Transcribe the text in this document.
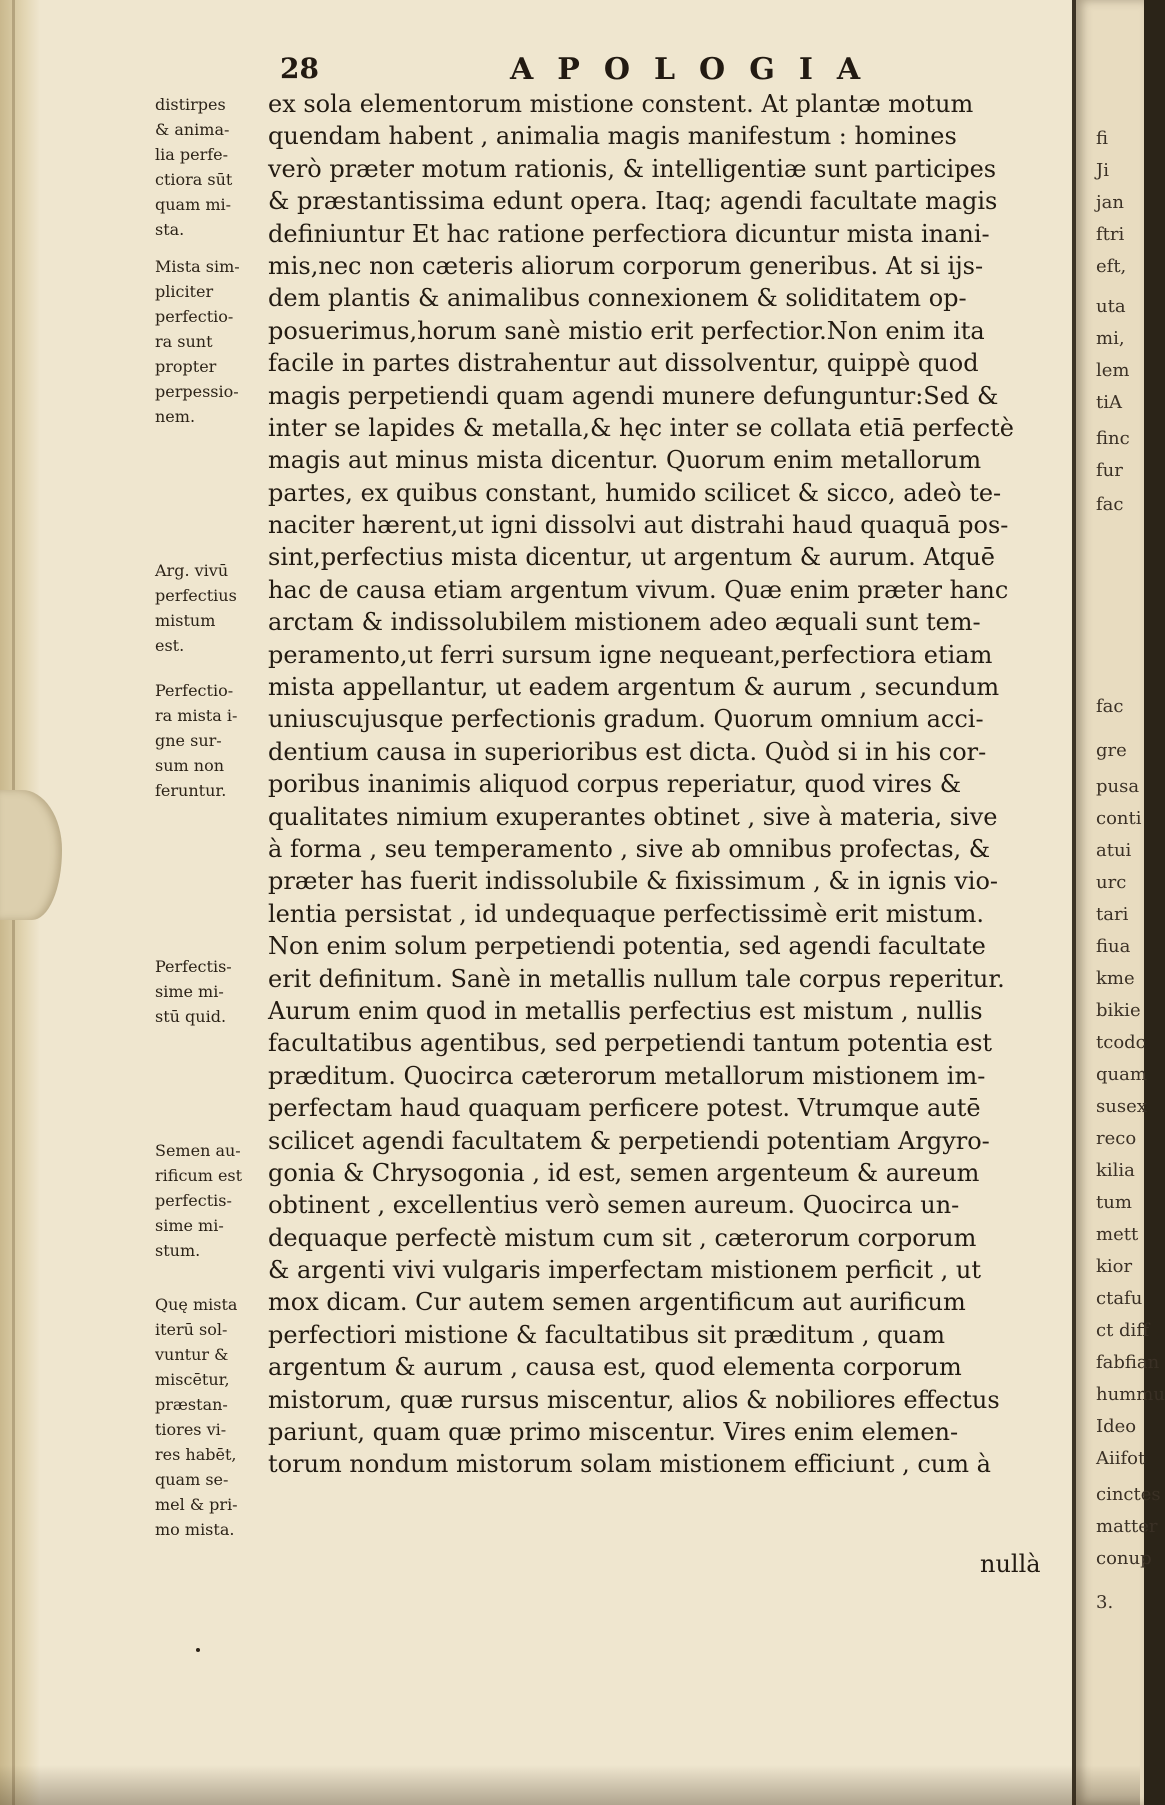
28	APOLOGIA
distirpes
& anima-
lia perfe-
ctiora sūt
quam mi-
sta.
Mista sim-
pliciter
perfectio-
ra sunt
propter
perpessio-
nem.
Arg. vivū
perfectius
mistum
est.
Perfectio-
ra mista i-
gne sur-
sum non
feruntur.
Perfectis-
sime mi-
stū quid.
Semen au-
rificum est
perfectis-
sime mi-
stum.
Quę mista
iterū sol-
vuntur &
miscētur,
præstan-
tiores vi-
res habēt,
quam se-
mel & pri-
mo mista.
ex sola elementorum mistione constent. At plantæ motum
quendam habent , animalia magis manifestum : homines
verò præter motum rationis, & intelligentiæ sunt participes
& præstantissima edunt opera. Itaq; agendi facultate magis
definiuntur Et hac ratione perfectiora dicuntur mista inani-
mis,nec non cæteris aliorum corporum generibus. At si ijs-
dem plantis & animalibus connexionem & soliditatem op-
posuerimus,horum sanè mistio erit perfectior.Non enim ita
facile in partes distrahentur aut dissolventur, quippè quod
magis perpetiendi quam agendi munere defunguntur:Sed &
inter se lapides & metalla,& hęc inter se collata etiā perfectè
magis aut minus mista dicentur. Quorum enim metallorum
partes, ex quibus constant, humido scilicet & sicco, adeò te-
naciter hærent,ut igni dissolvi aut distrahi haud quaquā pos-
sint,perfectius mista dicentur, ut argentum & aurum. Atquē
hac de causa etiam argentum vivum. Quæ enim præter hanc
arctam & indissolubilem mistionem adeo æquali sunt tem-
peramento,ut ferri sursum igne nequeant,perfectiora etiam
mista appellantur, ut eadem argentum & aurum , secundum
uniuscujusque perfectionis gradum. Quorum omnium acci-
dentium causa in superioribus est dicta. Quòd si in his cor-
poribus inanimis aliquod corpus reperiatur, quod vires &
qualitates nimium exuperantes obtinet , sive à materia, sive
à forma , seu temperamento , sive ab omnibus profectas, &
præter has fuerit indissolubile & fixissimum , & in ignis vio-
lentia persistat , id undequaque perfectissimè erit mistum.
Non enim solum perpetiendi potentia, sed agendi facultate
erit definitum. Sanè in metallis nullum tale corpus reperitur.
Aurum enim quod in metallis perfectius est mistum , nullis
facultatibus agentibus, sed perpetiendi tantum potentia est
præditum. Quocirca cæterorum metallorum mistionem im-
perfectam haud quaquam perficere potest. Vtrumque autē
scilicet agendi facultatem & perpetiendi potentiam Argyro-
gonia & Chrysogonia , id est, semen argenteum & aureum
obtinent , excellentius verò semen aureum. Quocirca un-
dequaque perfectè mistum cum sit , cæterorum corporum
& argenti vivi vulgaris imperfectam mistionem perficit , ut
mox dicam. Cur autem semen argentificum aut aurificum
perfectiori mistione & facultatibus sit præditum , quam
argentum & aurum , causa est, quod elementa corporum
mistorum, quæ rursus miscentur, alios & nobiliores effectus
pariunt, quam quæ primo miscentur. Vires enim elemen-
torum nondum mistorum solam mistionem efficiunt , cum à
nullà
fi
Ji
jan
ftri
eft,
uta
mi,
lem
tiA
finc
fur
fac
fac
gre
pusa
conti
atui
urc
tari
fiua
kme
bikie
tcodc
quam
susex
reco
kilia
tum
mett
kior
ctafu
ct diff
fabfian
hummu
Ideo
Aiifot
cinctes
matter
conup
3.
